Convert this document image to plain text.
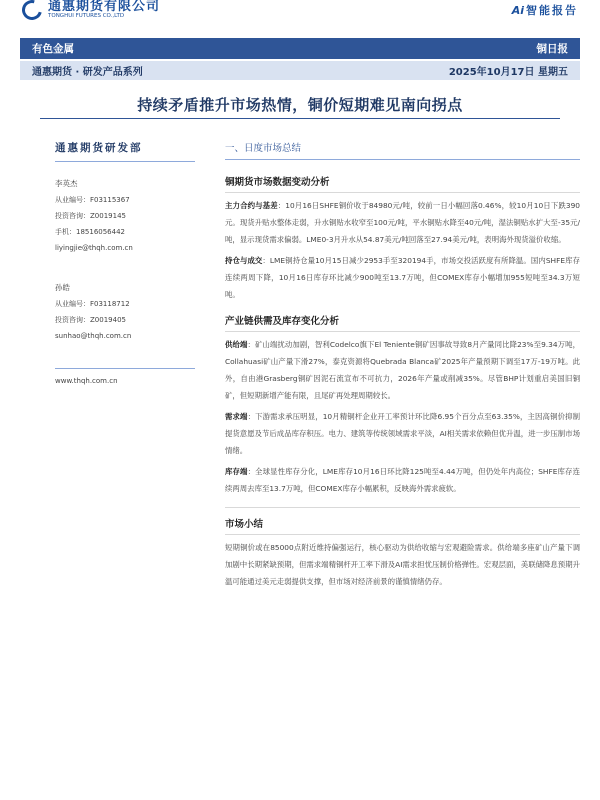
通惠期货有限公司
TONGHUI FUTURES CO.,LTD	Ai 智能报告
有色金属	铜日报
通惠期货 · 研发产品系列	2025年10月17日 星期五
持续矛盾推升市场热情，铜价短期难见南向拐点
通惠期货研发部
李英杰
从业编号：F03115367
投资咨询：Z0019145
手机：18516056442
liyingjie@thqh.com.cn
孙皓
从业编号：F03118712
投资咨询：Z0019405
sunhao@thqh.com.cn
www.thqh.com.cn
一、日度市场总结
铜期货市场数据变动分析

主力合约与基差：10月16日SHFE铜价收于84980元/吨，较前一日小幅回落0.46%，较10月10日下跌390元。现货升贴水整体走弱，升水铜贴水收窄至100元/吨，平水铜贴水降至40元/吨，湿法铜贴水扩大至-35元/吨，显示现货需求偏弱。LME0-3月升水从54.87美元/吨回落至27.94美元/吨，表明海外现货溢价收缩。

持仓与成交：LME铜持仓量10月15日减少2953手至320194手，市场交投活跃度有所降温。国内SHFE库存连续两周下降，10月16日库存环比减少900吨至13.7万吨，但COMEX库存小幅增加955短吨至34.3万短吨。

产业链供需及库存变化分析

供给端：矿山端扰动加剧，智利Codelco旗下El Teniente铜矿因事故导致8月产量同比降23%至9.34万吨，Collahuasi矿山产量下滑27%，泰克资源将Quebrada Blanca矿2025年产量预期下调至17万-19万吨。此外，自由港Grasberg铜矿因泥石流宣布不可抗力，2026年产量或削减35%。尽管BHP计划重启美国旧铜矿，但短期新增产能有限，且尾矿再处理周期较长。

需求端：下游需求承压明显，10月精铜杆企业开工率预计环比降6.95个百分点至63.35%，主因高铜价抑制提货意愿及节后成品库存积压。电力、建筑等传统领域需求平淡，AI相关需求依赖但优升温，进一步压制市场情绪。

库存端：全球显性库存分化，LME库存10月16日环比降125吨至4.44万吨，但仍处年内高位；SHFE库存连续两周去库至13.7万吨，但COMEX库存小幅累积，反映海外需求疲软。

市场小结

短期铜价或在85000点附近维持偏强运行，核心驱动为供给收缩与宏观避险需求。供给端多座矿山产量下调加剧中长期紧缺预期，但需求端精铜杆开工率下滑及AI需求担忧压制价格弹性。宏观层面，美联储降息预期升温可能通过美元走弱提供支撑，但市场对经济前景的谨慎情绪仍存。
